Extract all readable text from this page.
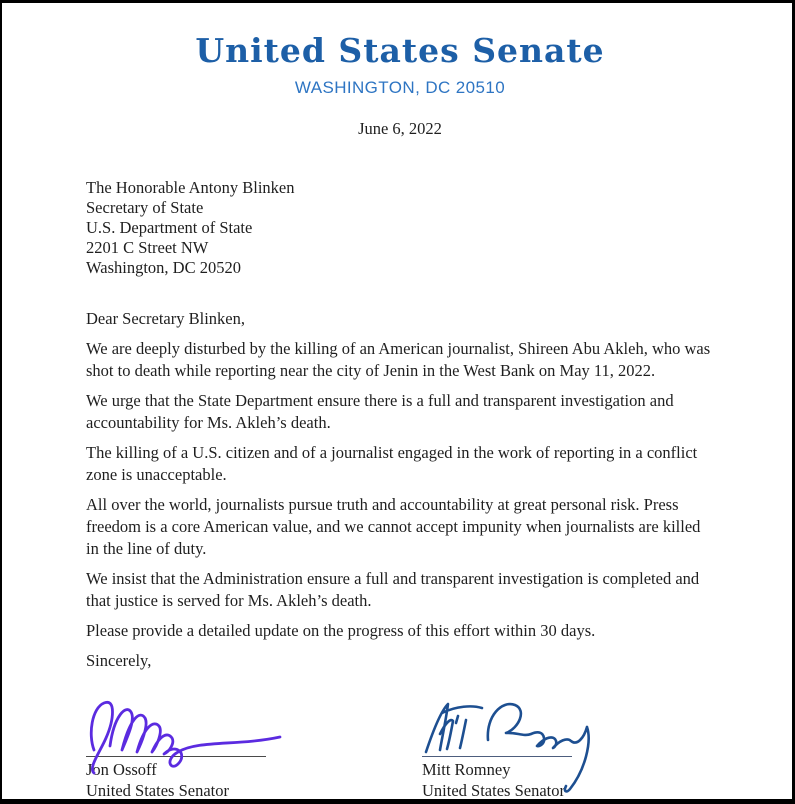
United States Senate
WASHINGTON, DC 20510
June 6, 2022
The Honorable Antony Blinken
Secretary of State
U.S. Department of State
2201 C Street NW
Washington, DC 20520
Dear Secretary Blinken,

We are deeply disturbed by the killing of an American journalist, Shireen Abu Akleh, who was shot to death while reporting near the city of Jenin in the West Bank on May 11, 2022.

We urge that the State Department ensure there is a full and transparent investigation and accountability for Ms. Akleh’s death.

The killing of a U.S. citizen and of a journalist engaged in the work of reporting in a conflict zone is unacceptable.

All over the world, journalists pursue truth and accountability at great personal risk. Press freedom is a core American value, and we cannot accept impunity when journalists are killed in the line of duty.

We insist that the Administration ensure a full and transparent investigation is completed and that justice is served for Ms. Akleh’s death.

Please provide a detailed update on the progress of this effort within 30 days.

Sincerely,
Jon Ossoff
United States Senator
Mitt Romney
United States Senator
